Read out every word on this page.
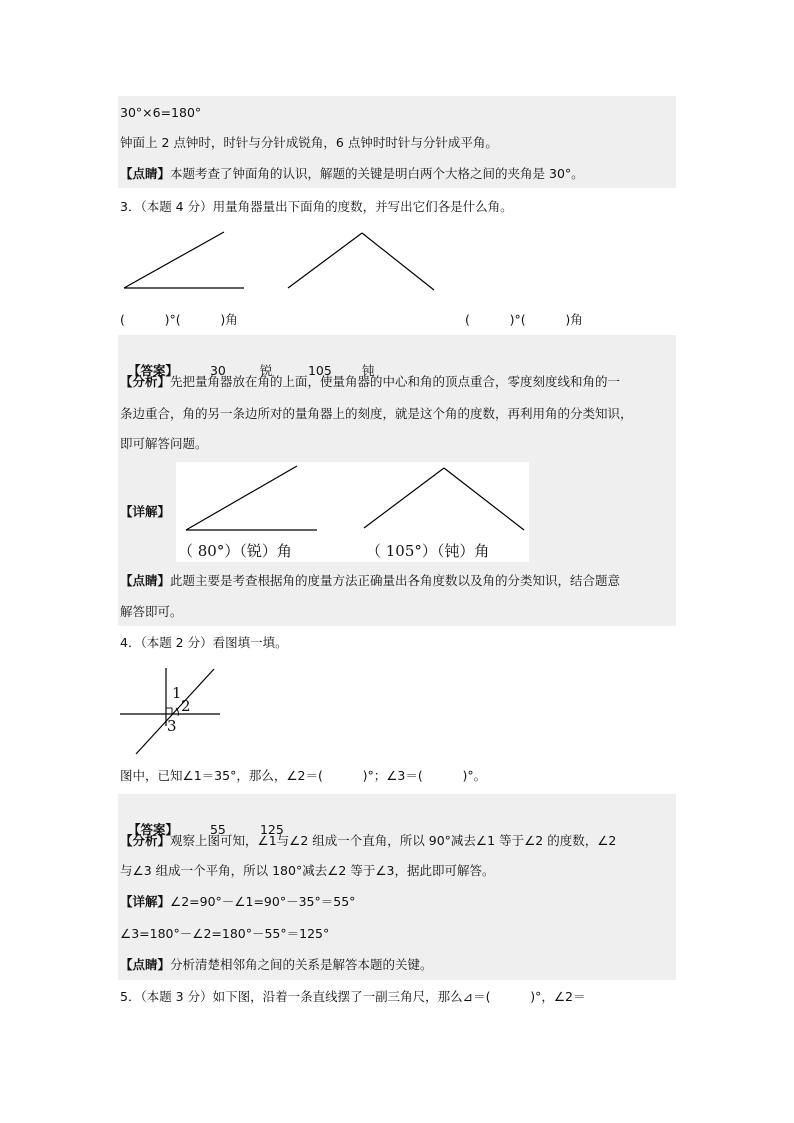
30°×6=180°
钟面上 2 点钟时，时针与分针成锐角，6 点钟时时针与分针成平角。
【点睛】本题考查了钟面角的认识，解题的关键是明白两个大格之间的夹角是 30°。
3．（本题 4 分）用量角器量出下面角的度数，并写出它们各是什么角。
(          )°(          )角	(          )°(          )角

【答案】	30	锐	105 钝

【分析】先把量角器放在角的上面，使量角器的中心和角的顶点重合，零度刻度线和角的一
条边重合，角的另一条边所对的量角器上的刻度，就是这个角的度数，再利用角的分类知识，
即可解答问题。
【详解】
（ 80°）（锐）角	（ 105°）（钝）角
【点睛】此题主要是考查根据角的度量方法正确量出各角度数以及角的分类知识，结合题意
解答即可。
4．（本题 2 分）看图填一填。
1
2
3
图中，已知∠1＝35°，那么，∠2＝(          )°；∠3＝(          )°。

【答案】	55	125

【分析】观察上图可知，∠1与∠2 组成一个直角，所以 90°减去∠1 等于∠2 的度数，∠2
与∠3 组成一个平角，所以 180°减去∠2 等于∠3，据此即可解答。
【详解】∠2=90°－∠1=90°－35°＝55°
∠3=180°－∠2=180°－55°＝125°
【点睛】分析清楚相邻角之间的关系是解答本题的关键。
5．（本题 3 分）如下图，沿着一条直线摆了一副三角尺，那么⊿＝(          )°，∠2＝
